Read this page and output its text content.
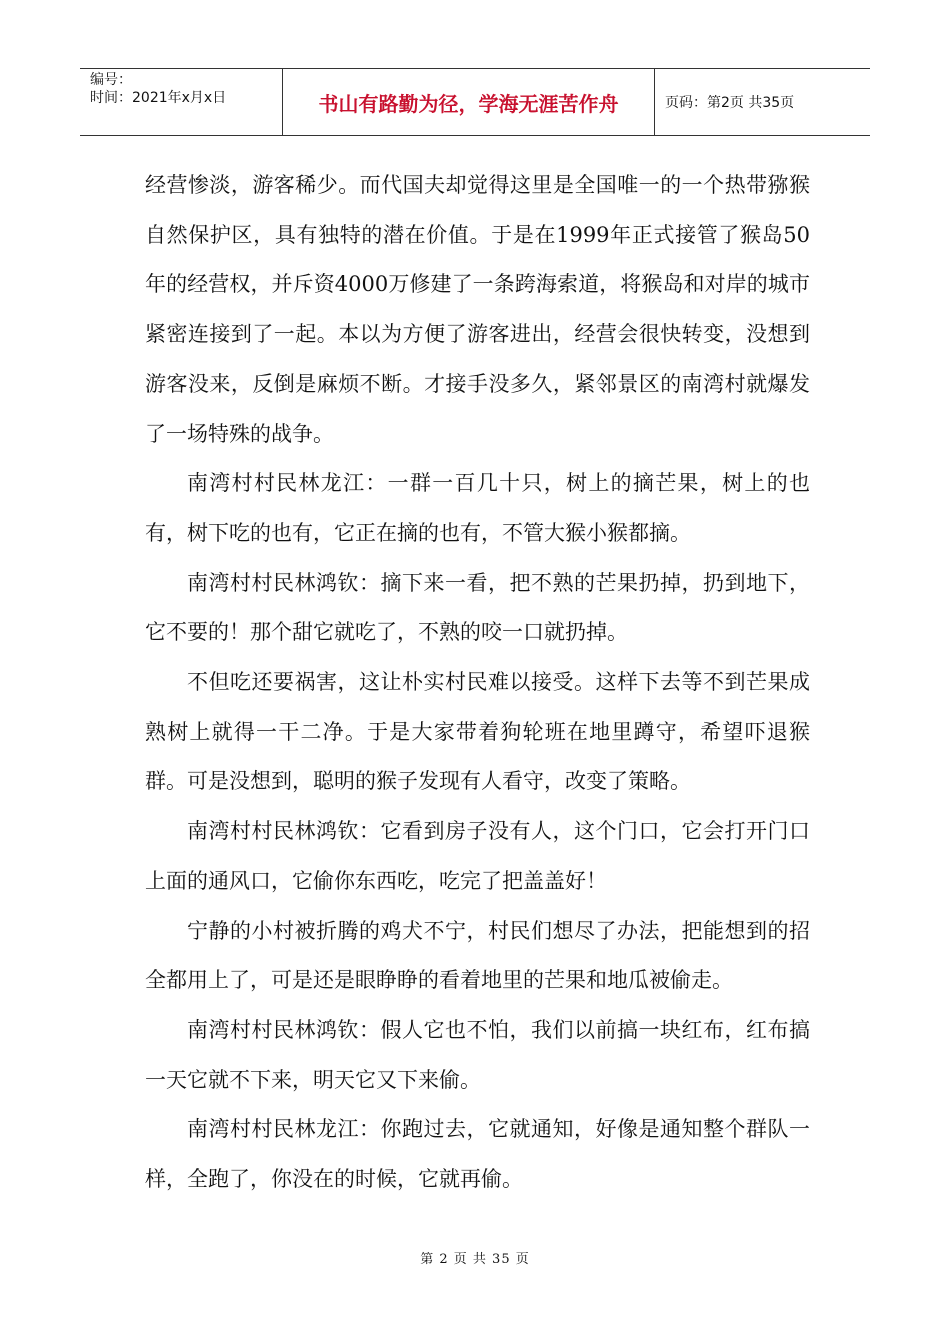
编号：
时间：2021年x月x日	书山有路勤为径，学海无涯苦作舟	页码：第2页 共35页

经营惨淡，游客稀少。而代国夫却觉得这里是全国唯一的一个热带猕猴自然保护区，具有独特的潜在价值。于是在1999年正式接管了猴岛50年的经营权，并斥资4000万修建了一条跨海索道，将猴岛和对岸的城市紧密连接到了一起。本以为方便了游客进出，经营会很快转变，没想到游客没来，反倒是麻烦不断。才接手没多久，紧邻景区的南湾村就爆发了一场特殊的战争。

南湾村村民林龙江：一群一百几十只，树上的摘芒果，树上的也有，树下吃的也有，它正在摘的也有，不管大猴小猴都摘。

南湾村村民林鸿钦：摘下来一看，把不熟的芒果扔掉，扔到地下，它不要的！那个甜它就吃了，不熟的咬一口就扔掉。

不但吃还要祸害，这让朴实村民难以接受。这样下去等不到芒果成熟树上就得一干二净。于是大家带着狗轮班在地里蹲守，希望吓退猴群。可是没想到，聪明的猴子发现有人看守，改变了策略。

南湾村村民林鸿钦：它看到房子没有人，这个门口，它会打开门口上面的通风口，它偷你东西吃，吃完了把盖盖好！

宁静的小村被折腾的鸡犬不宁，村民们想尽了办法，把能想到的招全都用上了，可是还是眼睁睁的看着地里的芒果和地瓜被偷走。

南湾村村民林鸿钦：假人它也不怕，我们以前搞一块红布，红布搞一天它就不下来，明天它又下来偷。

南湾村村民林龙江：你跑过去，它就通知，好像是通知整个群队一样，全跑了，你没在的时候，它就再偷。

第 2 页 共 35 页
